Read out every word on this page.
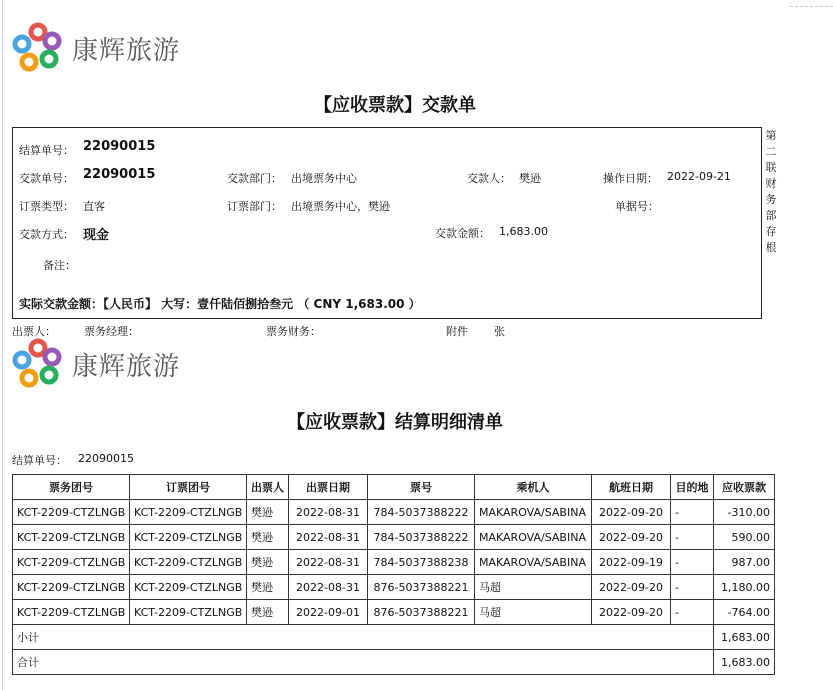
康辉旅游
【应收票款】交款单
结算单号： 22090015
交款单号： 22090015	交款部门： 出境票务中心	交款人： 樊逊	操作日期： 2022-09-21
订票类型： 直客	订票部门： 出境票务中心，樊逊	单据号：
交款方式： 现金	交款金额： 1,683.00
备注：
实际交款金额：【人民币】 大写：壹仟陆佰捌拾叁元 （ CNY 1,683.00 ）
第
二
联
财
务
部
存
根
出票人：	票务经理：	票务财务：	附件 张
康辉旅游
【应收票款】结算明细清单
结算单号： 22090015
票务团号	订票团号	出票人	出票日期	票号	乘机人	航班日期	目的地	应收票款
KCT-2209-CTZLNGB	KCT-2209-CTZLNGB	樊逊	2022-08-31	784-5037388222	MAKAROVA/SABINA	2022-09-20	-	-310.00
KCT-2209-CTZLNGB	KCT-2209-CTZLNGB	樊逊	2022-08-31	784-5037388222	MAKAROVA/SABINA	2022-09-20	-	590.00
KCT-2209-CTZLNGB	KCT-2209-CTZLNGB	樊逊	2022-08-31	784-5037388238	MAKAROVA/SABINA	2022-09-19	-	987.00
KCT-2209-CTZLNGB	KCT-2209-CTZLNGB	樊逊	2022-08-31	876-5037388221	马超	2022-09-20	-	1,180.00
KCT-2209-CTZLNGB	KCT-2209-CTZLNGB	樊逊	2022-09-01	876-5037388221	马超	2022-09-20	-	-764.00
小计								1,683.00
合计								1,683.00
